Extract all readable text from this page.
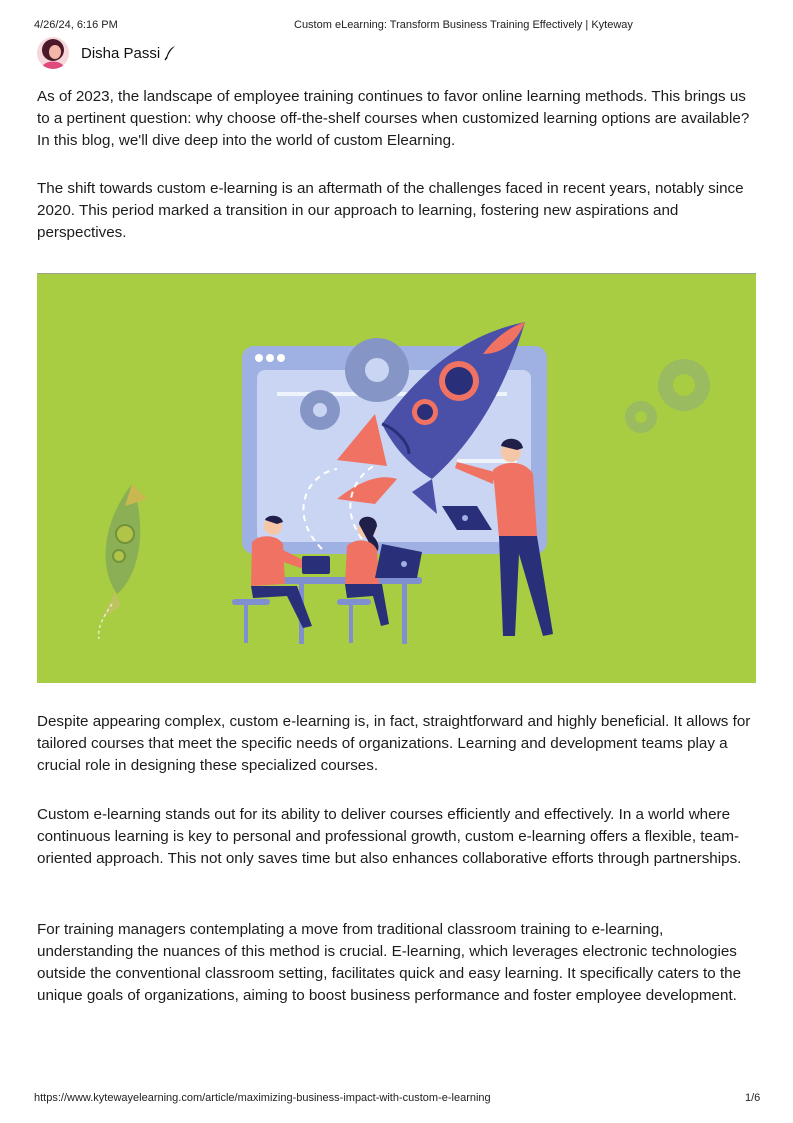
4/26/24, 6:16 PM	Custom eLearning: Transform Business Training Effectively | Kyteway
Disha Passi

As of 2023, the landscape of employee training continues to favor online learning methods. This brings us to a pertinent question: why choose off-the-shelf courses when customized learning options are available? In this blog, we'll dive deep into the world of custom Elearning.

The shift towards custom e-learning is an aftermath of the challenges faced in recent years, notably since 2020. This period marked a transition in our approach to learning, fostering new aspirations and perspectives.

Despite appearing complex, custom e-learning is, in fact, straightforward and highly beneficial. It allows for tailored courses that meet the specific needs of organizations. Learning and development teams play a crucial role in designing these specialized courses.

Custom e-learning stands out for its ability to deliver courses efficiently and effectively. In a world where continuous learning is key to personal and professional growth, custom e-learning offers a flexible, team-oriented approach. This not only saves time but also enhances collaborative efforts through partnerships.

For training managers contemplating a move from traditional classroom training to e-learning, understanding the nuances of this method is crucial. E-learning, which leverages electronic technologies outside the conventional classroom setting, facilitates quick and easy learning. It specifically caters to the unique goals of organizations, aiming to boost business performance and foster employee development.

https://www.kytewayelearning.com/article/maximizing-business-impact-with-custom-e-learning	1/6
